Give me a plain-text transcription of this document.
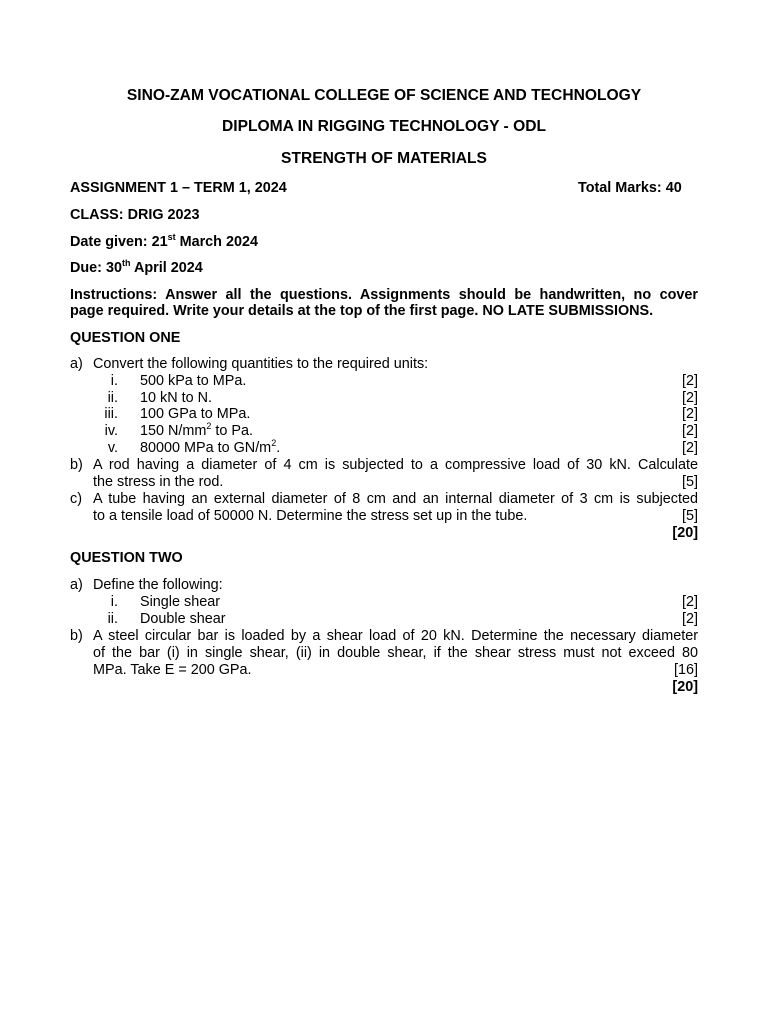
SINO-ZAM VOCATIONAL COLLEGE OF SCIENCE AND TECHNOLOGY
DIPLOMA IN RIGGING TECHNOLOGY - ODL
STRENGTH OF MATERIALS
ASSIGNMENT 1 – TERM 1, 2024	Total Marks: 40
CLASS: DRIG 2023
Date given: 21st March 2024
Due: 30th April 2024
Instructions: Answer all the questions. Assignments should be handwritten, no cover
page required. Write your details at the top of the first page. NO LATE SUBMISSIONS.
QUESTION ONE
a) Convert the following quantities to the required units:
i. 500 kPa to MPa.	[2]
ii. 10 kN to N.	[2]
iii. 100 GPa to MPa.	[2]
iv. 150 $N/mm^2$ to Pa.	[2]
v. 80000 MPa to $GN/m^2$.	[2]
b) A rod having a diameter of 4 cm is subjected to a compressive load of 30 kN. Calculate
the stress in the rod.	[5]
c) A tube having an external diameter of 8 cm and an internal diameter of 3 cm is subjected
to a tensile load of 50000 N. Determine the stress set up in the tube.	[5]
[20]
QUESTION TWO
a) Define the following:
i. Single shear	[2]
ii. Double shear	[2]
b) A steel circular bar is loaded by a shear load of 20 kN. Determine the necessary diameter
of the bar (i) in single shear, (ii) in double shear, if the shear stress must not exceed 80
MPa. Take E = 200 GPa.	[16]
[20]
